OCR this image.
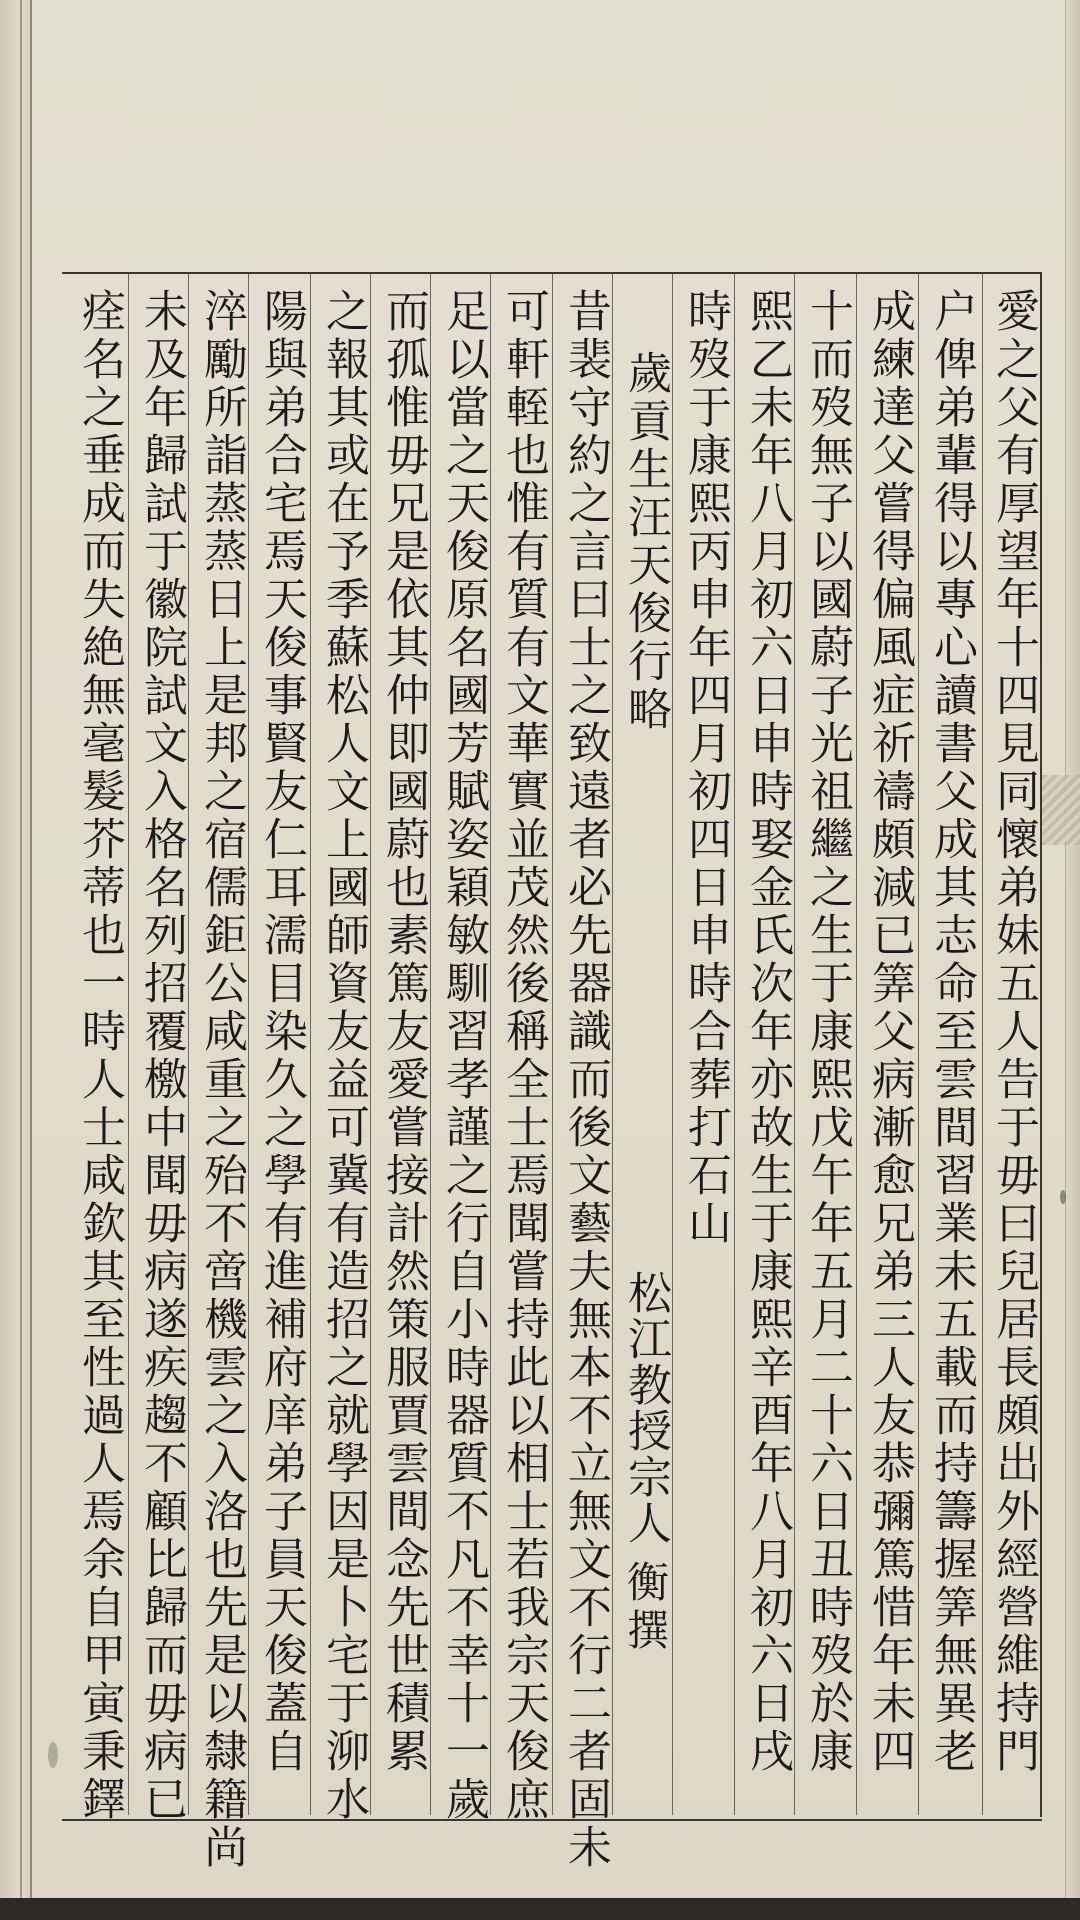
愛之父有厚望年十四見同懷弟妹五人告于毋曰兒居長頗出外經營維持門
户俾弟輩得以專心讀書父成其志命至雲間習業未五載而持籌握筭無異老
成練達父嘗得偏風症祈禱頗減已筭父病漸愈兄弟三人友恭彌篤惜年未四
十而歿無子以國蔚子光祖繼之生于康熙戊午年五月二十六日丑時歿於康
熙乙未年八月初六日申時娶金氏次年亦故生于康熙辛酉年八月初六日戌
時歿于康熙丙申年四月初四日申時合葬打石山
歲貢生汪天俊行略
松江教授宗人
衡撰
昔裴守約之言曰士之致遠者必先器識而後文藝夫無本不立無文不行二者固未
可軒輊也惟有質有文華實並茂然後稱全士焉聞嘗持此以相士若我宗天俊庶
足以當之天俊原名國芳賦姿穎敏馴習孝謹之行自小時器質不凡不幸十一歲
而孤惟毋兄是依其仲即國蔚也素篤友愛嘗接計然策服賈雲間念先世積累
之報其或在予季蘇松人文上國師資友益可冀有造招之就學因是卜宅于泖水
陽與弟合宅焉天俊事賢友仁耳濡目染久之學有進補府庠弟子員天俊蓋自
淬勵所詣蒸蒸日上是邦之宿儒鉅公咸重之殆不啻機雲之入洛也先是以隸籍尚
未及年歸試于徽院試文入格名列招覆檄中聞毋病遂疾趨不顧比歸而毋病已
痊名之垂成而失絶無毫髮芥蒂也一時人士咸欽其至性過人焉余自甲寅秉鐸
